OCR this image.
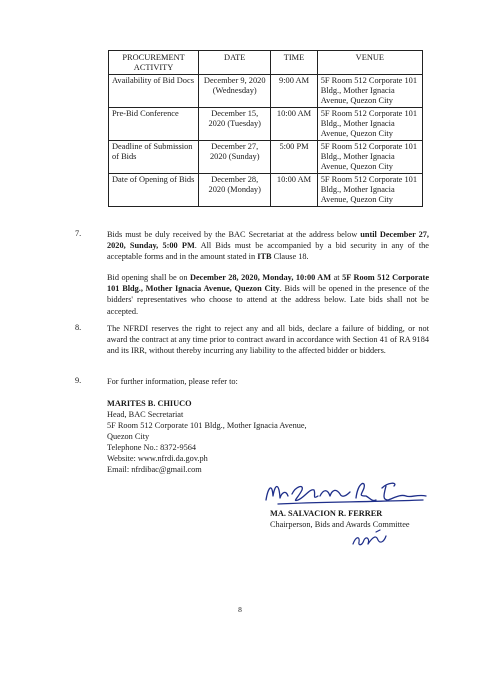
PROCUREMENT ACTIVITY	DATE	TIME	VENUE
Availability of Bid Docs	December 9, 2020 (Wednesday)	9:00 AM	5F Room 512 Corporate 101 Bldg., Mother Ignacia Avenue, Quezon City
Pre-Bid Conference	December 15, 2020 (Tuesday)	10:00 AM	5F Room 512 Corporate 101 Bldg., Mother Ignacia Avenue, Quezon City
Deadline of Submission of Bids	December 27, 2020 (Sunday)	5:00 PM	5F Room 512 Corporate 101 Bldg., Mother Ignacia Avenue, Quezon City
Date of Opening of Bids	December 28, 2020 (Monday)	10:00 AM	5F Room 512 Corporate 101 Bldg., Mother Ignacia Avenue, Quezon City
7.	Bids must be duly received by the BAC Secretariat at the address below until December 27, 2020, Sunday, 5:00 PM. All Bids must be accompanied by a bid security in any of the acceptable forms and in the amount stated in ITB Clause 18.
Bid opening shall be on December 28, 2020, Monday, 10:00 AM at 5F Room 512 Corporate 101 Bldg., Mother Ignacia Avenue, Quezon City. Bids will be opened in the presence of the bidders' representatives who choose to attend at the address below. Late bids shall not be accepted.
8.	The NFRDI reserves the right to reject any and all bids, declare a failure of bidding, or not award the contract at any time prior to contract award in accordance with Section 41 of RA 9184 and its IRR, without thereby incurring any liability to the affected bidder or bidders.
9.	For further information, please refer to:
MARITES B. CHIUCO
Head, BAC Secretariat
5F Room 512 Corporate 101 Bldg., Mother Ignacia Avenue,
Quezon City
Telephone No.: 8372-9564
Website: www.nfrdi.da.gov.ph
Email: nfrdibac@gmail.com
MA. SALVACION R. FERRER
Chairperson, Bids and Awards Committee
8
